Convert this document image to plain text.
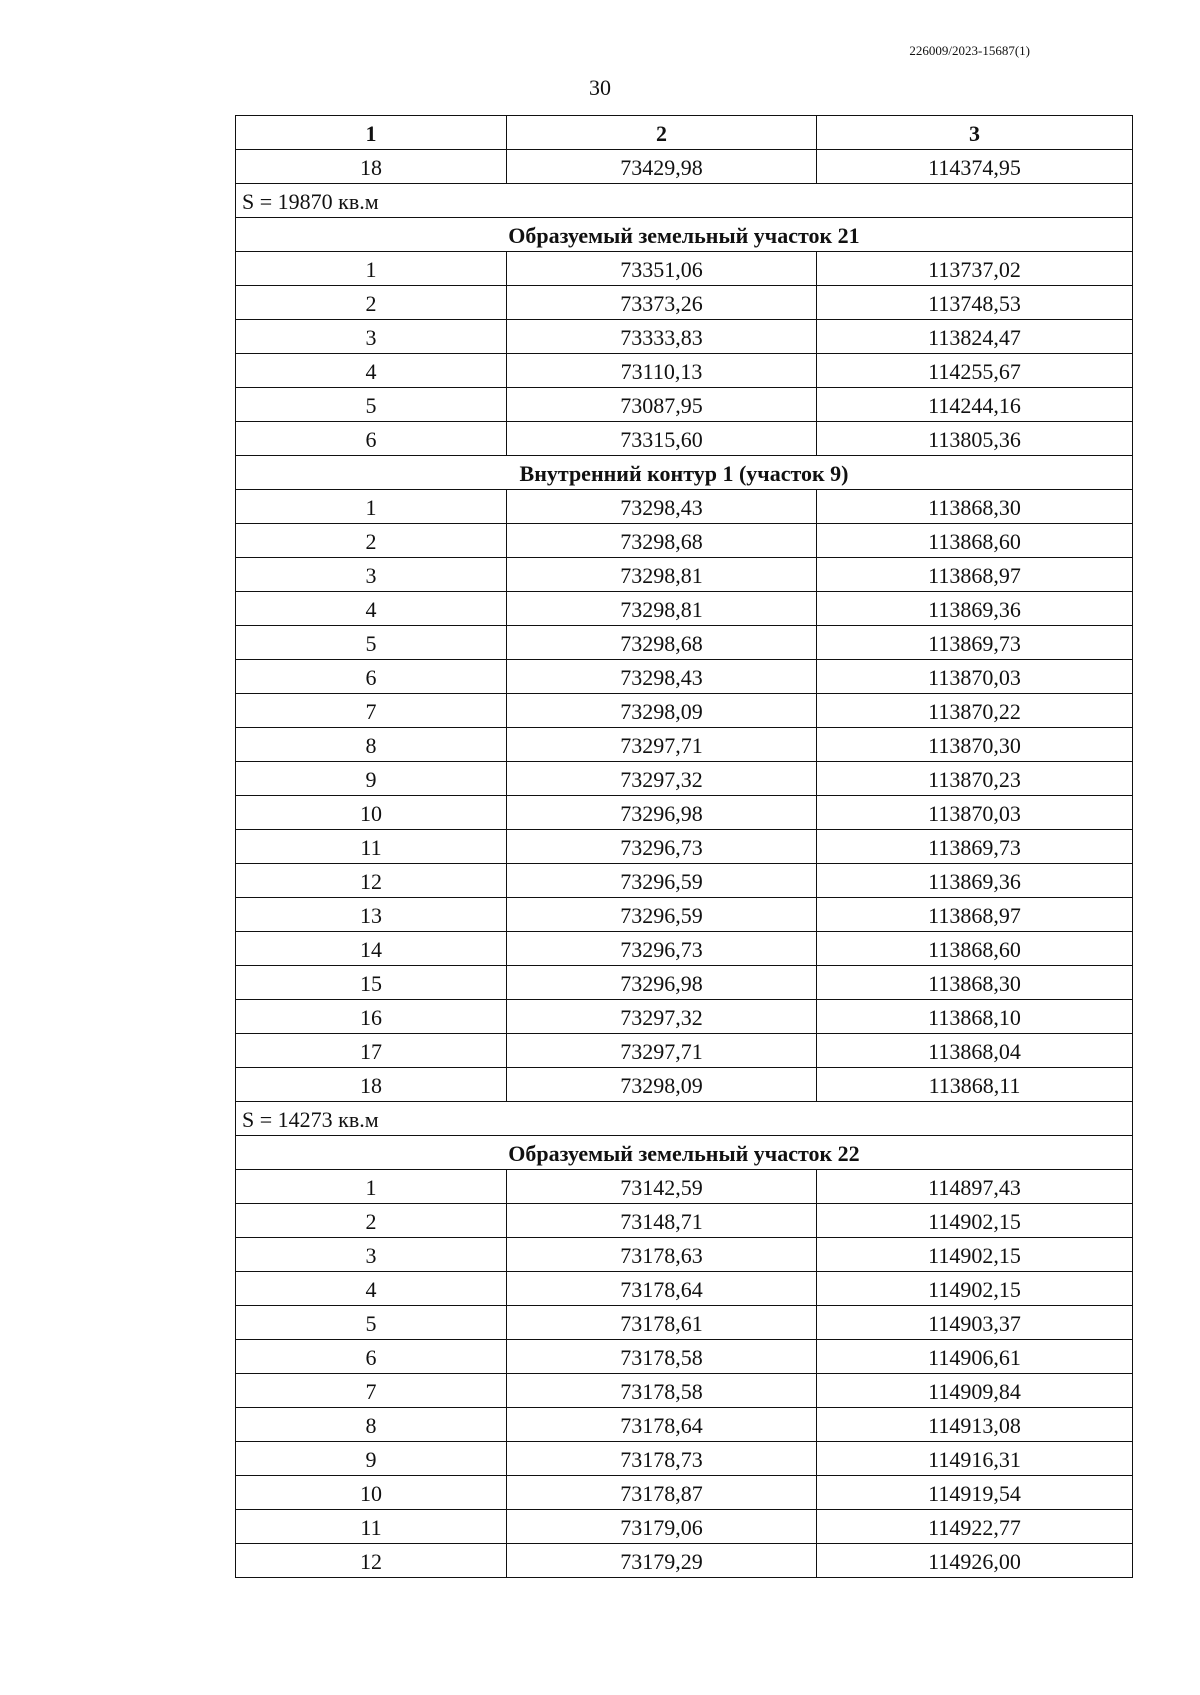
226009/2023-15687(1)
30
1	2	3
18	73429,98	114374,95
S = 19870 кв.м		
Образуемый земельный участок 21		
1	73351,06	113737,02
2	73373,26	113748,53
3	73333,83	113824,47
4	73110,13	114255,67
5	73087,95	114244,16
6	73315,60	113805,36
Внутренний контур 1 (участок 9)		
1	73298,43	113868,30
2	73298,68	113868,60
3	73298,81	113868,97
4	73298,81	113869,36
5	73298,68	113869,73
6	73298,43	113870,03
7	73298,09	113870,22
8	73297,71	113870,30
9	73297,32	113870,23
10	73296,98	113870,03
11	73296,73	113869,73
12	73296,59	113869,36
13	73296,59	113868,97
14	73296,73	113868,60
15	73296,98	113868,30
16	73297,32	113868,10
17	73297,71	113868,04
18	73298,09	113868,11
S = 14273 кв.м		
Образуемый земельный участок 22		
1	73142,59	114897,43
2	73148,71	114902,15
3	73178,63	114902,15
4	73178,64	114902,15
5	73178,61	114903,37
6	73178,58	114906,61
7	73178,58	114909,84
8	73178,64	114913,08
9	73178,73	114916,31
10	73178,87	114919,54
11	73179,06	114922,77
12	73179,29	114926,00
